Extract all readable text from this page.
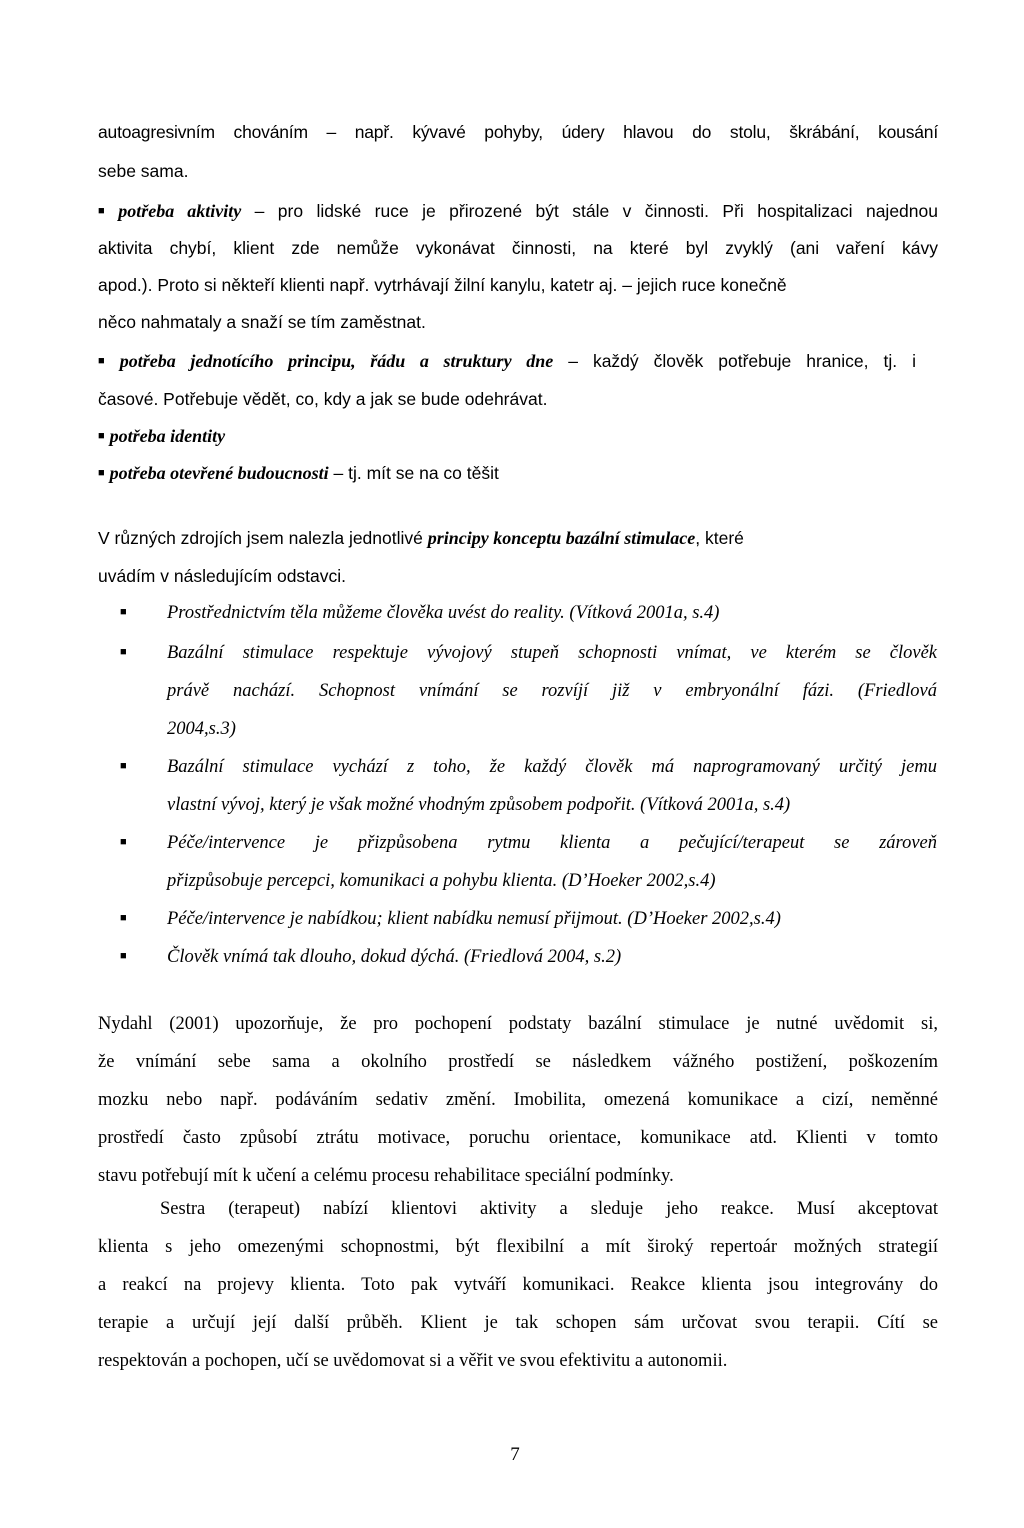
autoagresivním chováním – např. kývavé pohyby, údery hlavou do stolu, škrábání, kousání
sebe sama.
■ potřeba aktivity – pro lidské ruce je přirozené být stále v činnosti. Při hospitalizaci najednou
aktivita chybí, klient zde nemůže vykonávat činnosti, na které byl zvyklý (ani vaření kávy
apod.). Proto si někteří klienti např. vytrhávají žilní kanylu, katetr aj. – jejich ruce konečně
něco nahmataly a snaží se tím zaměstnat.
■ potřeba jednotícího principu, řádu a struktury dne – každý člověk potřebuje hranice, tj. i
časové. Potřebuje vědět, co, kdy a jak se bude odehrávat.
■ potřeba identity
■ potřeba otevřené budoucnosti – tj. mít se na co těšit
V různých zdrojích jsem nalezla jednotlivé principy konceptu bazální stimulace, které
uvádím v následujícím odstavci.
■ Prostřednictvím těla můžeme člověka uvést do reality. (Vítková 2001a, s.4)
■ Bazální stimulace respektuje vývojový stupeň schopnosti vnímat, ve kterém se člověk
právě nachází. Schopnost vnímání se rozvíjí již v embryonální fázi. (Friedlová
2004,s.3)
■ Bazální stimulace vychází z toho, že každý člověk má naprogramovaný určitý jemu
vlastní vývoj, který je však možné vhodným způsobem podpořit. (Vítková 2001a, s.4)
■ Péče/intervence je přizpůsobena rytmu klienta a pečující/terapeut se zároveň
přizpůsobuje percepci, komunikaci a pohybu klienta. (D’Hoeker 2002,s.4)
■ Péče/intervence je nabídkou; klient nabídku nemusí přijmout. (D’Hoeker 2002,s.4)
■ Člověk vnímá tak dlouho, dokud dýchá. (Friedlová 2004, s.2)
Nydahl (2001) upozorňuje, že pro pochopení podstaty bazální stimulace je nutné uvědomit si,
že vnímání sebe sama a okolního prostředí se následkem vážného postižení, poškozením
mozku nebo např. podáváním sedativ změní. Imobilita, omezená komunikace a cizí, neměnné
prostředí často způsobí ztrátu motivace, poruchu orientace, komunikace atd. Klienti v tomto
stavu potřebují mít k učení a celému procesu rehabilitace speciální podmínky.
Sestra (terapeut) nabízí klientovi aktivity a sleduje jeho reakce. Musí akceptovat
klienta s jeho omezenými schopnostmi, být flexibilní a mít široký repertoár možných strategií
a reakcí na projevy klienta. Toto pak vytváří komunikaci. Reakce klienta jsou integrovány do
terapie a určují její další průběh. Klient je tak schopen sám určovat svou terapii. Cítí se
respektován a pochopen, učí se uvědomovat si a věřit ve svou efektivitu a autonomii.
7
